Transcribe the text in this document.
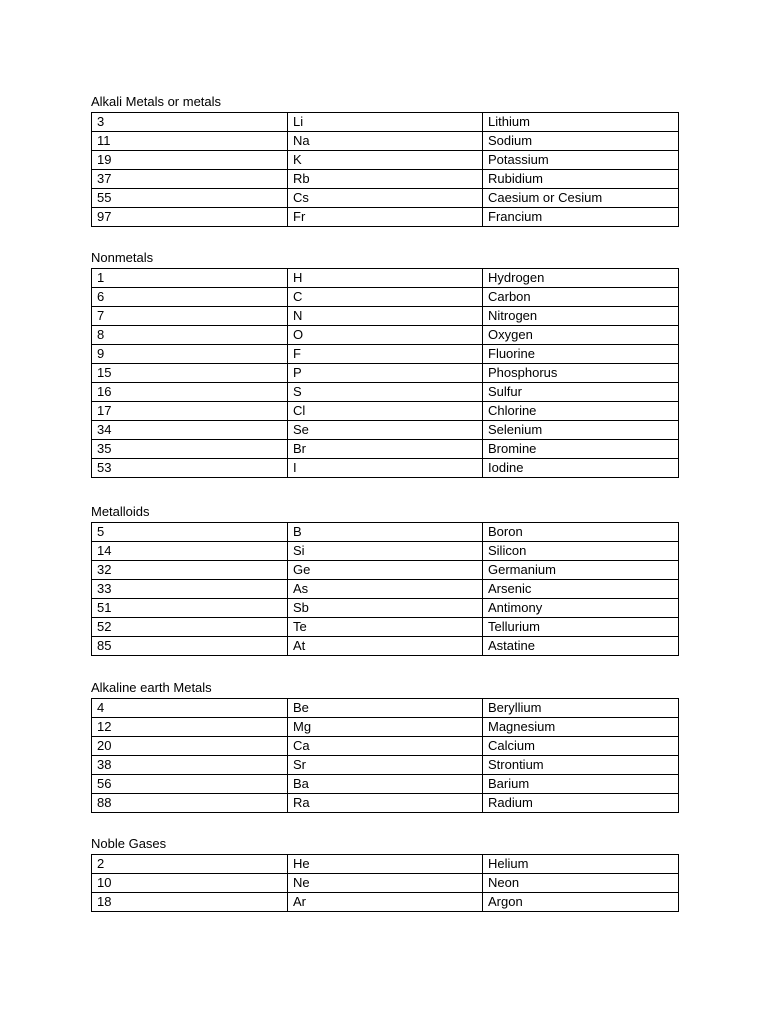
Alkali Metals or metals
3	Li	Lithium
11	Na	Sodium
19	K	Potassium
37	Rb	Rubidium
55	Cs	Caesium or Cesium
97	Fr	Francium
Nonmetals
1	H	Hydrogen
6	C	Carbon
7	N	Nitrogen
8	O	Oxygen
9	F	Fluorine
15	P	Phosphorus
16	S	Sulfur
17	Cl	Chlorine
34	Se	Selenium
35	Br	Bromine
53	I	Iodine
Metalloids
5	B	Boron
14	Si	Silicon
32	Ge	Germanium
33	As	Arsenic
51	Sb	Antimony
52	Te	Tellurium
85	At	Astatine
Alkaline earth Metals
4	Be	Beryllium
12	Mg	Magnesium
20	Ca	Calcium
38	Sr	Strontium
56	Ba	Barium
88	Ra	Radium
Noble Gases
2	He	Helium
10	Ne	Neon
18	Ar	Argon
